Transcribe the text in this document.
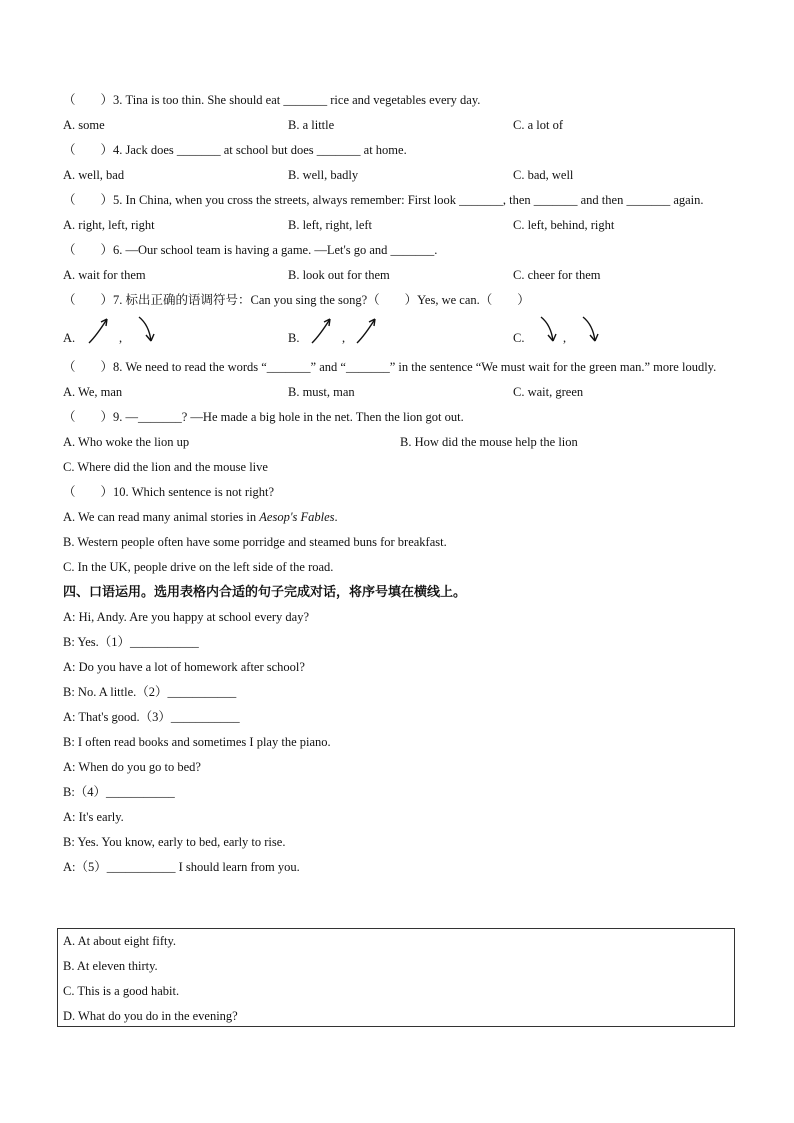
（　　）3. Tina is too thin. She should eat _______ rice and vegetables every day.
A. some	B. a little	C. a lot of
（　　）4. Jack does _______ at school but does _______ at home.
A. well, bad	B. well, badly	C. bad, well
（　　）5. In China, when you cross the streets, always remember: First look _______, then _______ and then _______ again.
A. right, left, right	B. left, right, left	C. left, behind, right
（　　）6. —Our school team is having a game. —Let's go and _______.
A. wait for them	B. look out for them	C. cheer for them
（　　）7. 标出正确的语调符号：Can you sing the song?（　　）Yes, we can.（　　）
A.	,	B.	,	C.	,
（　　）8. We need to read the words “_______” and “_______” in the sentence “We must wait for the green man.” more loudly.
A. We, man	B. must, man	C. wait, green
（　　）9. —_______? —He made a big hole in the net. Then the lion got out.
A. Who woke the lion up	B. How did the mouse help the lion
C. Where did the lion and the mouse live
（　　）10. Which sentence is not right?
A. We can read many animal stories in Aesop's Fables.
B. Western people often have some porridge and steamed buns for breakfast.
C. In the UK, people drive on the left side of the road.
四、口语运用。选用表格内合适的句子完成对话，将序号填在横线上。
A: Hi, Andy. Are you happy at school every day?
B: Yes.（1）___________
A: Do you have a lot of homework after school?
B: No. A little.（2）___________
A: That's good.（3）___________
B: I often read books and sometimes I play the piano.
A: When do you go to bed?
B:（4）___________
A: It's early.
B: Yes. You know, early to bed, early to rise.
A:（5）___________ I should learn from you.
A. At about eight fifty.
B. At eleven thirty.
C. This is a good habit.
D. What do you do in the evening?
